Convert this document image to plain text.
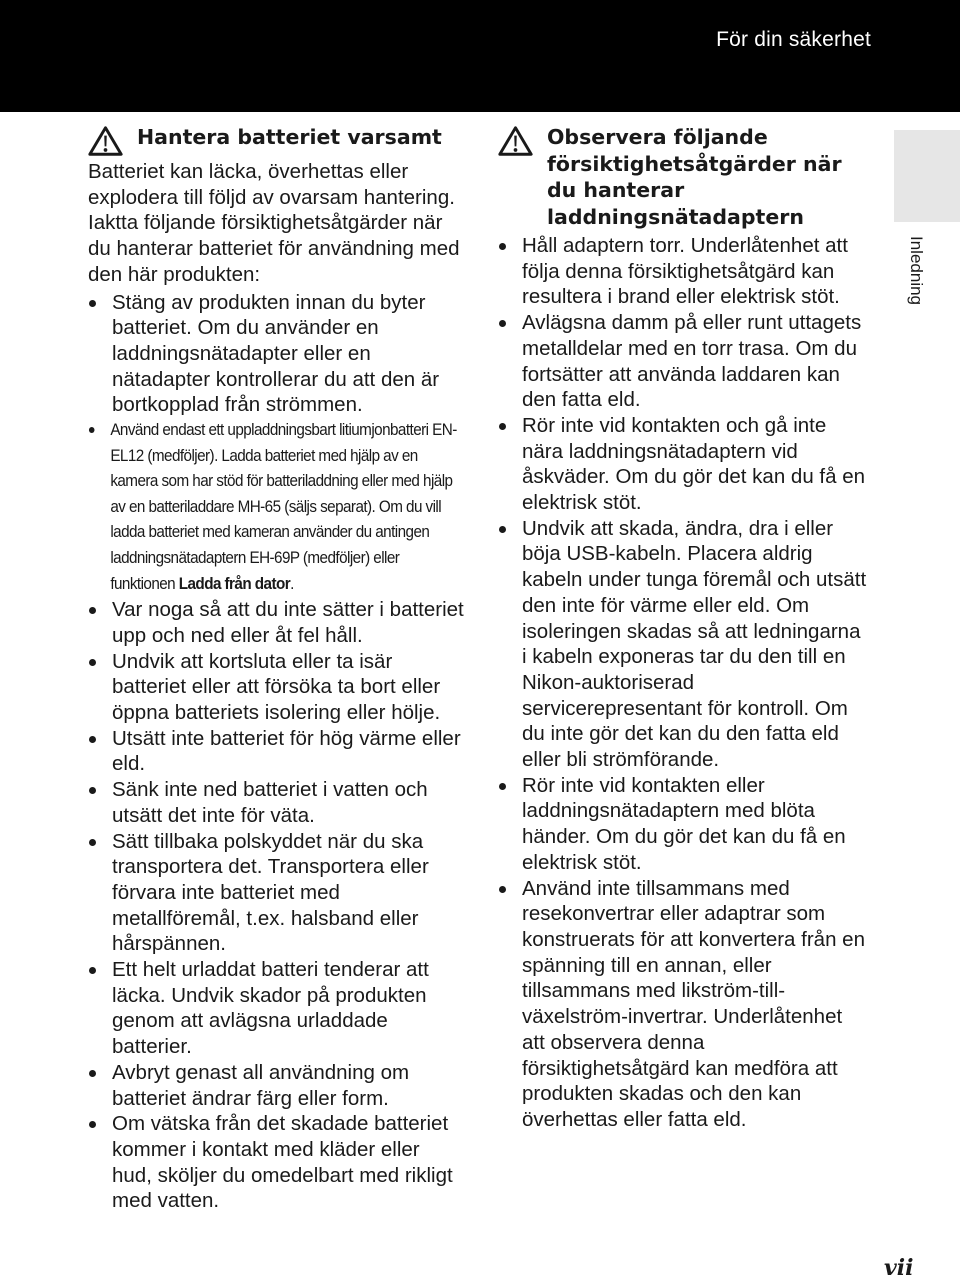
För din säkerhet
Inledning
Hantera batteriet varsamt

Batteriet kan läcka, överhettas eller explodera till följd av ovarsam hantering. Iaktta följande försiktighetsåtgärder när du hanterar batteriet för användning med den här produkten:

Stäng av produkten innan du byter batteriet. Om du använder en laddningsnätadapter eller en nätadapter kontrollerar du att den är bortkopplad från strömmen.
Använd endast ett uppladdningsbart litiumjonbatteri EN-EL12 (medföljer). Ladda batteriet med hjälp av en kamera som har stöd för batteriladdning eller med hjälp av en batteriladdare MH-65 (säljs separat). Om du vill ladda batteriet med kameran använder du antingen laddningsnätadaptern EH-69P (medföljer) eller funktionen Ladda från dator.
Var noga så att du inte sätter i batteriet upp och ned eller åt fel håll.
Undvik att kortsluta eller ta isär batteriet eller att försöka ta bort eller öppna batteriets isolering eller hölje.
Utsätt inte batteriet för hög värme eller eld.
Sänk inte ned batteriet i vatten och utsätt det inte för väta.
Sätt tillbaka polskyddet när du ska transportera det. Transportera eller förvara inte batteriet med metallföremål, t.ex. halsband eller hårspännen.
Ett helt urladdat batteri tenderar att läcka. Undvik skador på produkten genom att avlägsna urladdade batterier.
Avbryt genast all användning om batteriet ändrar färg eller form.
Om vätska från det skadade batteriet kommer i kontakt med kläder eller hud, sköljer du omedelbart med rikligt med vatten.
Observera följande försiktighetsåtgärder när du hanterar laddningsnätadaptern
Håll adaptern torr. Underlåtenhet att följa denna försiktighetsåtgärd kan resultera i brand eller elektrisk stöt.
Avlägsna damm på eller runt uttagets metalldelar med en torr trasa. Om du fortsätter att använda laddaren kan den fatta eld.
Rör inte vid kontakten och gå inte nära laddningsnätadaptern vid åskväder. Om du gör det kan du få en elektrisk stöt.
Undvik att skada, ändra, dra i eller böja USB-kabeln. Placera aldrig kabeln under tunga föremål och utsätt den inte för värme eller eld. Om isoleringen skadas så att ledningarna i kabeln exponeras tar du den till en Nikon-auktoriserad servicerepresentant för kontroll. Om du inte gör det kan du den fatta eld eller bli strömförande.
Rör inte vid kontakten eller laddningsnätadaptern med blöta händer. Om du gör det kan du få en elektrisk stöt.
Använd inte tillsammans med resekonvertrar eller adaptrar som konstruerats för att konvertera från en spänning till en annan, eller tillsammans med likström-till-växelström-invertrar. Underlåtenhet att observera denna försiktighetsåtgärd kan medföra att produkten skadas och den kan överhettas eller fatta eld.
vii
